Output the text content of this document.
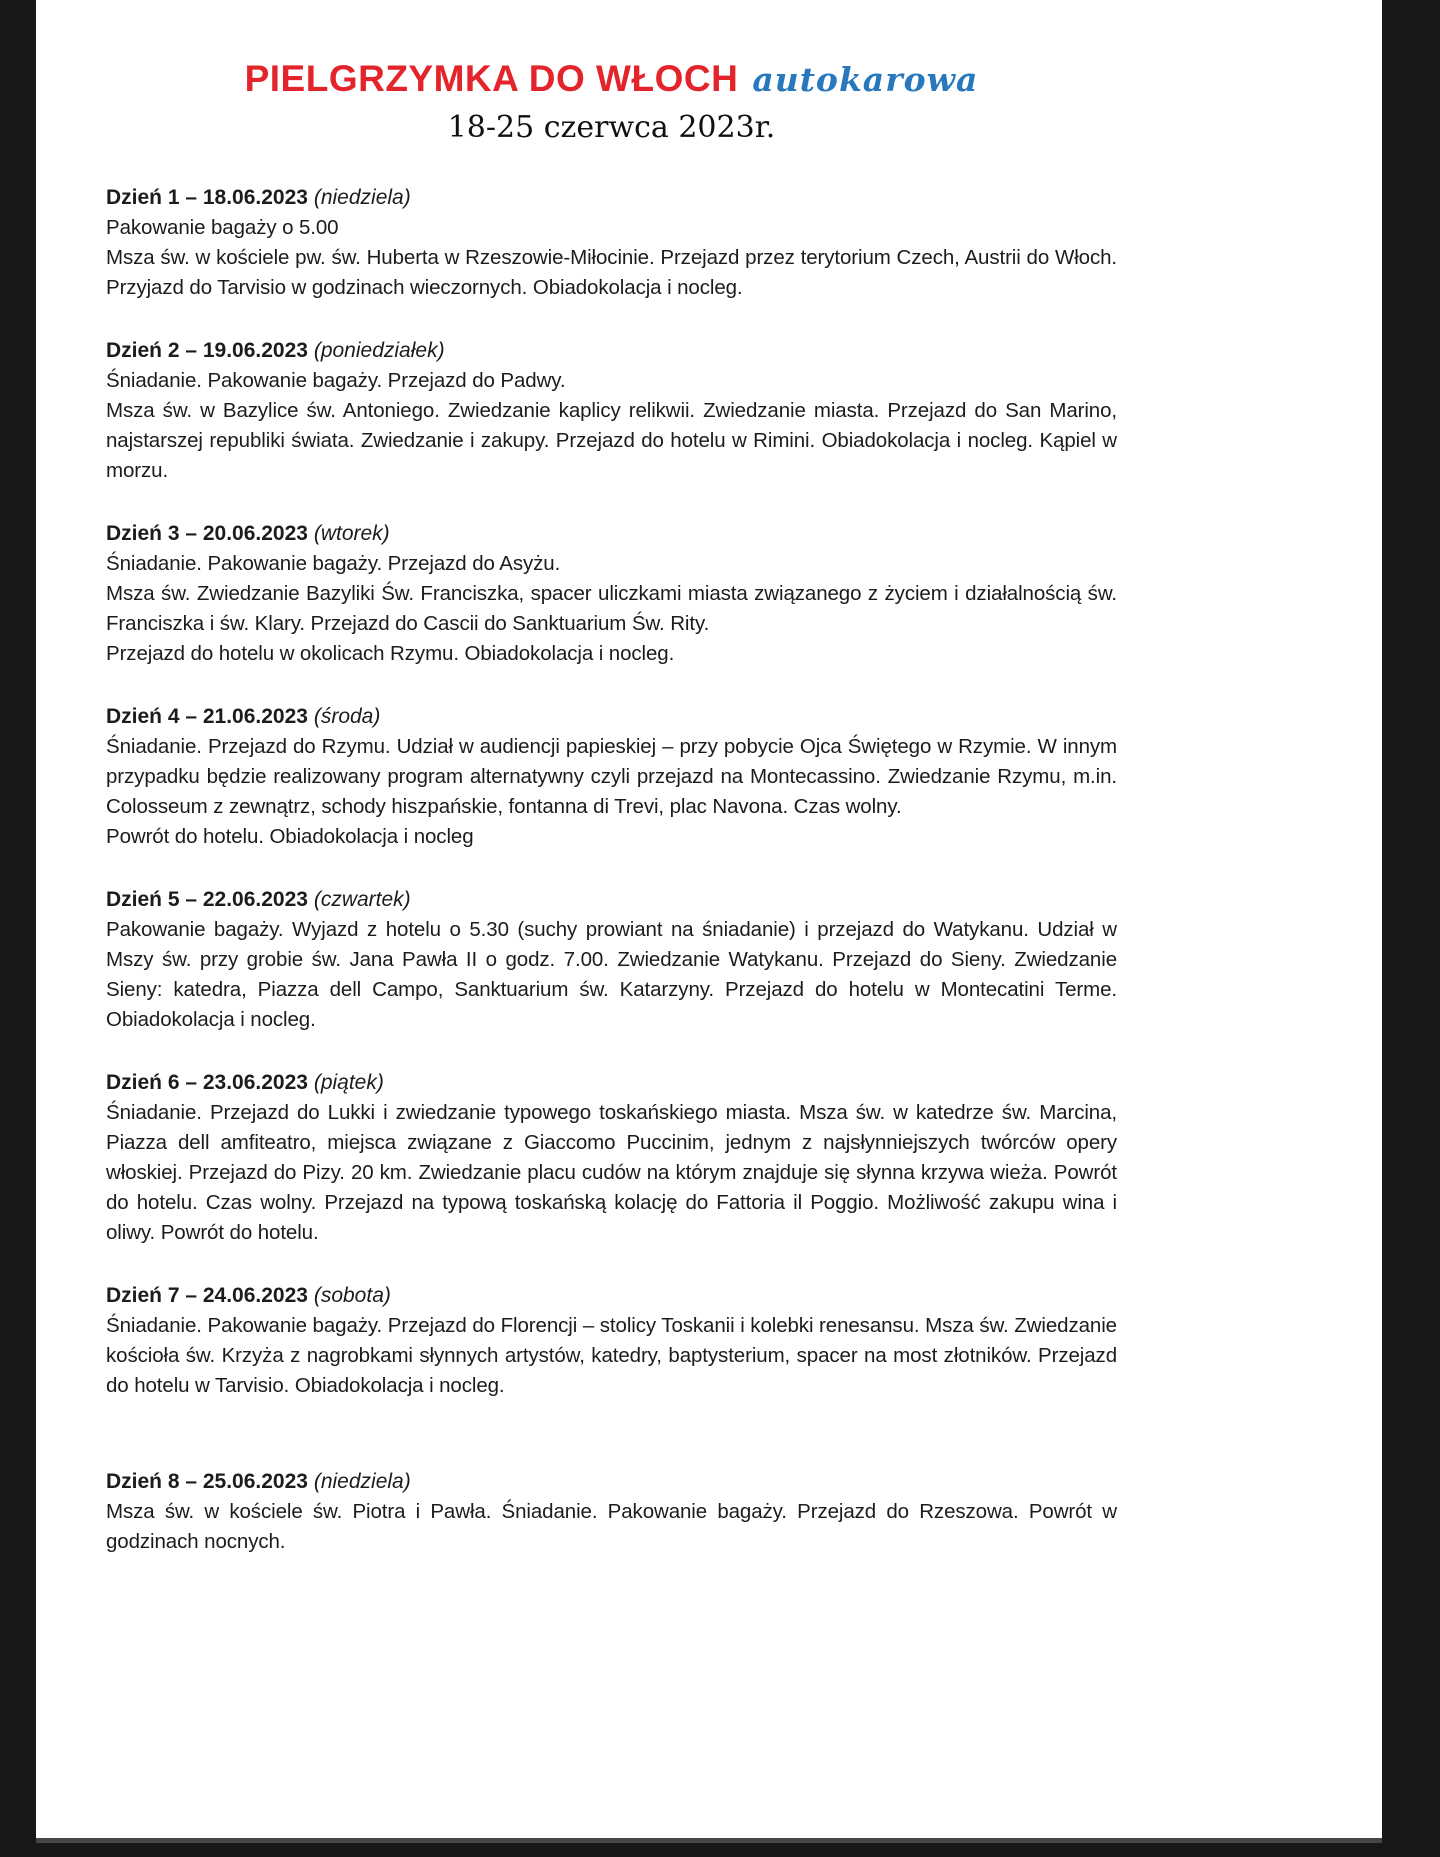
PIELGRZYMKA DO WŁOCH autokarowa
18-25 czerwca 2023r.

Dzień 1 – 18.06.2023 (niedziela)

Pakowanie bagaży o 5.00

Msza św. w kościele pw. św. Huberta w Rzeszowie-Miłocinie. Przejazd przez terytorium Czech, Austrii do Włoch. Przyjazd do Tarvisio w godzinach wieczornych. Obiadokolacja i nocleg.

Dzień 2 – 19.06.2023 (poniedziałek)

Śniadanie. Pakowanie bagaży. Przejazd do Padwy.

Msza św. w Bazylice św. Antoniego. Zwiedzanie kaplicy relikwii. Zwiedzanie miasta. Przejazd do San Marino, najstarszej republiki świata. Zwiedzanie i zakupy. Przejazd do hotelu w Rimini. Obiadokolacja i nocleg. Kąpiel w morzu.

Dzień 3 – 20.06.2023 (wtorek)

Śniadanie. Pakowanie bagaży. Przejazd do Asyżu.

Msza św. Zwiedzanie Bazyliki Św. Franciszka, spacer uliczkami miasta związanego z życiem i działalnością św. Franciszka i św. Klary. Przejazd do Cascii do Sanktuarium Św. Rity.

Przejazd do hotelu w okolicach Rzymu. Obiadokolacja i nocleg.

Dzień 4 – 21.06.2023 (środa)

Śniadanie. Przejazd do Rzymu. Udział w audiencji papieskiej – przy pobycie Ojca Świętego w Rzymie. W innym przypadku będzie realizowany program alternatywny czyli przejazd na Montecassino. Zwiedzanie Rzymu, m.in. Colosseum z zewnątrz, schody hiszpańskie, fontanna di Trevi, plac Navona. Czas wolny.

Powrót do hotelu. Obiadokolacja i nocleg

Dzień 5 – 22.06.2023 (czwartek)

Pakowanie bagaży. Wyjazd z hotelu o 5.30 (suchy prowiant na śniadanie) i przejazd do Watykanu. Udział w Mszy św. przy grobie św. Jana Pawła II o godz. 7.00. Zwiedzanie Watykanu. Przejazd do Sieny. Zwiedzanie Sieny: katedra, Piazza dell Campo, Sanktuarium św. Katarzyny. Przejazd do hotelu w Montecatini Terme. Obiadokolacja i nocleg.

Dzień 6 – 23.06.2023 (piątek)

Śniadanie. Przejazd do Lukki i zwiedzanie typowego toskańskiego miasta. Msza św. w katedrze św. Marcina, Piazza dell amfiteatro, miejsca związane z Giaccomo Puccinim, jednym z najsłynniejszych twórców opery włoskiej. Przejazd do Pizy. 20 km. Zwiedzanie placu cudów na którym znajduje się słynna krzywa wieża. Powrót do hotelu. Czas wolny. Przejazd na typową toskańską kolację do Fattoria il Poggio. Możliwość zakupu wina i oliwy. Powrót do hotelu.

Dzień 7 – 24.06.2023 (sobota)

Śniadanie. Pakowanie bagaży. Przejazd do Florencji – stolicy Toskanii i kolebki renesansu. Msza św. Zwiedzanie kościoła św. Krzyża z nagrobkami słynnych artystów, katedry, baptysterium, spacer na most złotników. Przejazd do hotelu w Tarvisio. Obiadokolacja i nocleg.

Dzień 8 – 25.06.2023 (niedziela)

Msza św. w kościele św. Piotra i Pawła. Śniadanie. Pakowanie bagaży. Przejazd do Rzeszowa. Powrót w godzinach nocnych.
